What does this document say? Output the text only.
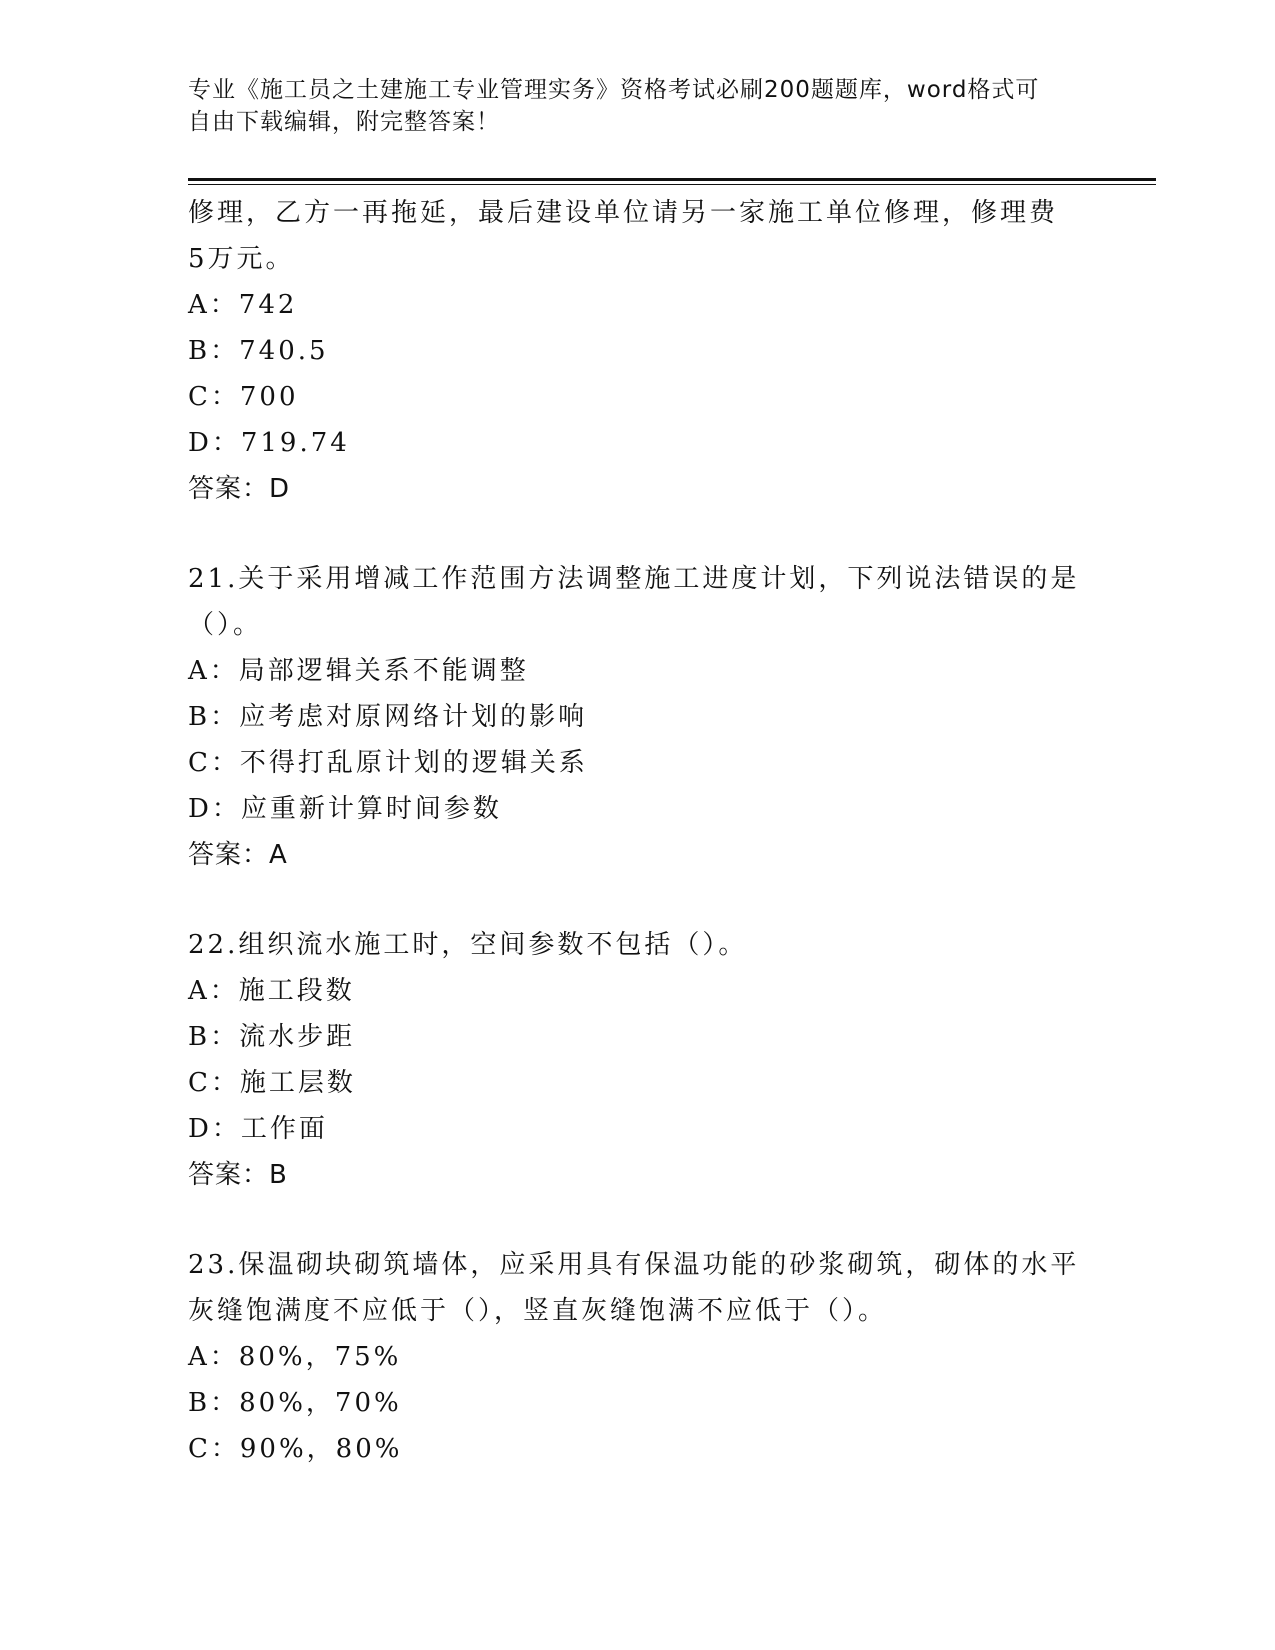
专业《施工员之土建施工专业管理实务》资格考试必刷200题题库，word格式可
自由下载编辑，附完整答案！
修理，乙方一再拖延，最后建设单位请另一家施工单位修理，修理费
5万元。
A：742
B：740.5
C：700
D：719.74
答案：D
21.关于采用增减工作范围方法调整施工进度计划，下列说法错误的是
（）。
A：局部逻辑关系不能调整
B：应考虑对原网络计划的影响
C：不得打乱原计划的逻辑关系
D：应重新计算时间参数
答案：A
22.组织流水施工时，空间参数不包括（）。
A：施工段数
B：流水步距
C：施工层数
D：工作面
答案：B
23.保温砌块砌筑墙体，应采用具有保温功能的砂浆砌筑，砌体的水平
灰缝饱满度不应低于（），竖直灰缝饱满不应低于（）。
A：80%，75%
B：80%，70%
C：90%，80%
